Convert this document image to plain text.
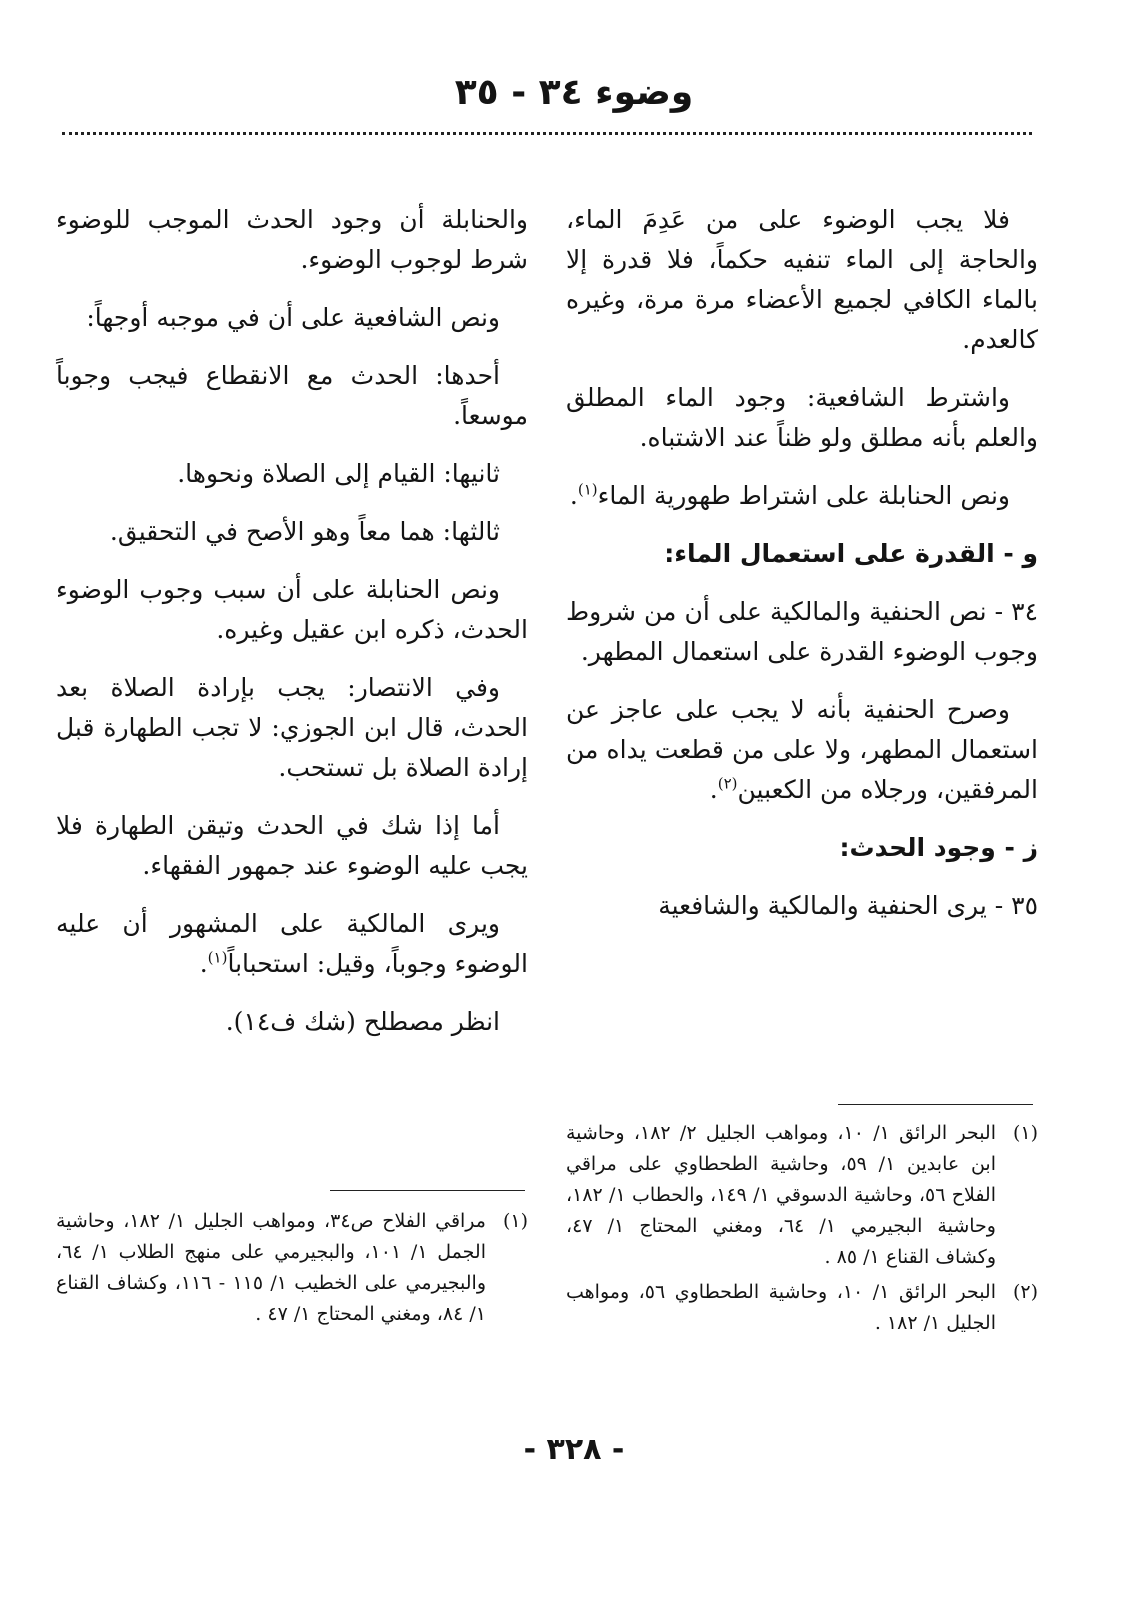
وضوء ٣٤ - ٣٥

فلا يجب الوضوء على من عَدِمَ الماء، والحاجة إلى الماء تنفيه حكماً، فلا قدرة إلا بالماء الكافي لجميع الأعضاء مرة مرة، وغيره كالعدم.

واشترط الشافعية: وجود الماء المطلق والعلم بأنه مطلق ولو ظناً عند الاشتباه.

ونص الحنابلة على اشتراط طهورية الماء$^{(١)}$.

و - القدرة على استعمال الماء:

٣٤ - نص الحنفية والمالكية على أن من شروط وجوب الوضوء القدرة على استعمال المطهر.

وصرح الحنفية بأنه لا يجب على عاجز عن استعمال المطهر، ولا على من قطعت يداه من المرفقين، ورجلاه من الكعبين$^{(٢)}$.

ز - وجود الحدث:

٣٥ - يرى الحنفية والمالكية والشافعية

والحنابلة أن وجود الحدث الموجب للوضوء شرط لوجوب الوضوء.

ونص الشافعية على أن في موجبه أوجهاً:

أحدها: الحدث مع الانقطاع فيجب وجوباً موسعاً.

ثانيها: القيام إلى الصلاة ونحوها.

ثالثها: هما معاً وهو الأصح في التحقيق.

ونص الحنابلة على أن سبب وجوب الوضوء الحدث، ذكره ابن عقيل وغيره.

وفي الانتصار: يجب بإرادة الصلاة بعد الحدث، قال ابن الجوزي: لا تجب الطهارة قبل إرادة الصلاة بل تستحب.

أما إذا شك في الحدث وتيقن الطهارة فلا يجب عليه الوضوء عند جمهور الفقهاء.

ويرى المالكية على المشهور أن عليه الوضوء وجوباً، وقيل: استحباباً$^{(١)}$.

انظر مصطلح (شك ف١٤).

(١)
البحر الرائق ١/ ١٠، ومواهب الجليل ٢/ ١٨٢، وحاشية ابن عابدين ١/ ٥٩، وحاشية الطحطاوي على مراقي الفلاح ٥٦، وحاشية الدسوقي ١/ ١٤٩، والحطاب ١/ ١٨٢، وحاشية البجيرمي ١/ ٦٤، ومغني المحتاج ١/ ٤٧، وكشاف القناع ١/ ٨٥ .
(٢)
البحر الرائق ١/ ١٠، وحاشية الطحطاوي ٥٦، ومواهب الجليل ١/ ١٨٢ .
(١)
مراقي الفلاح ص٣٤، ومواهب الجليل ١/ ١٨٢، وحاشية الجمل ١/ ١٠١، والبجيرمي على منهج الطلاب ١/ ٦٤، والبجيرمي على الخطيب ١/ ١١٥ - ١١٦، وكشاف القناع ١/ ٨٤، ومغني المحتاج ١/ ٤٧ .
- ٣٢٨ -
